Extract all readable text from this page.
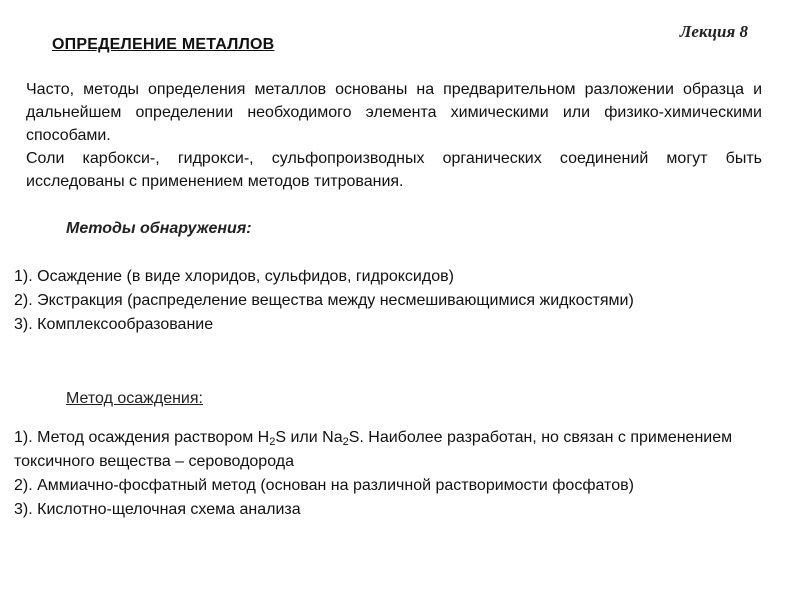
Лекция 8
ОПРЕДЕЛЕНИЕ МЕТАЛЛОВ

Часто, методы определения металлов основаны на предварительном разложении образца и дальнейшем определении необходимого элемента химическими или физико-химическими способами.

Соли карбокси-, гидрокси-, сульфопроизводных органических соединений могут быть исследованы с применением методов титрования.

Методы обнаружения:

1). Осаждение (в виде хлоридов, сульфидов, гидроксидов)

2). Экстракция (распределение вещества между несмешивающимися жидкостями)

3). Комплексообразование

Метод осаждения:

1). Метод осаждения раствором $H_2S$ или $Na_2S$. Наиболее разработан, но связан с применением токсичного вещества – сероводорода

2). Аммиачно-фосфатный метод (основан на различной растворимости фосфатов)

3). Кислотно-щелочная схема анализа
